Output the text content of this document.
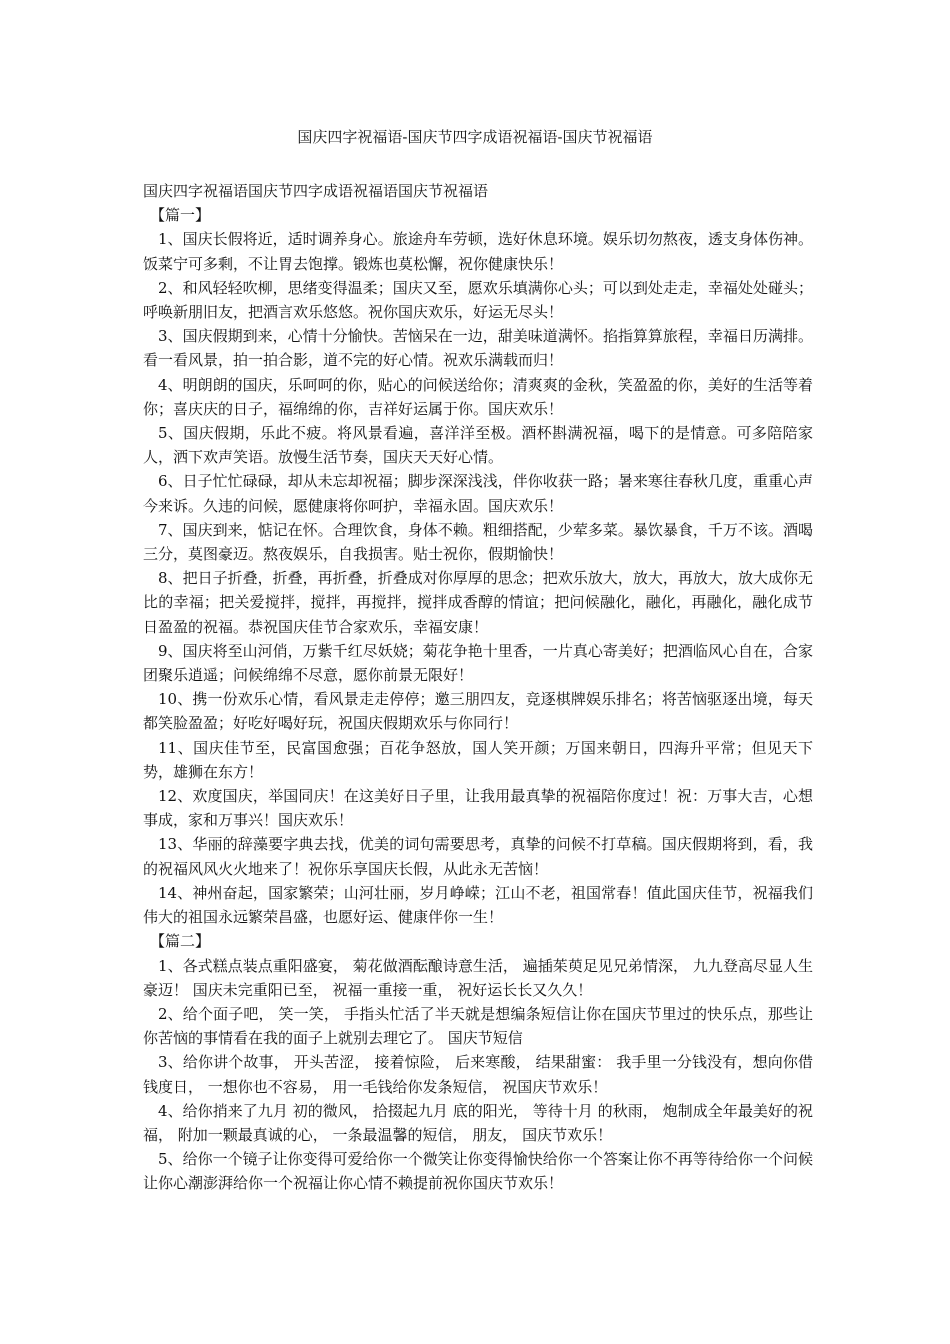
国庆四字祝福语-国庆节四字成语祝福语-国庆节祝福语

国庆四字祝福语国庆节四字成语祝福语国庆节祝福语

【篇一】

1、国庆长假将近，适时调养身心。旅途舟车劳顿，选好休息环境。娱乐切勿熬夜，透支身体伤神。饭菜宁可多剩，不让胃去饱撑。锻炼也莫松懈，祝你健康快乐！

2、和风轻轻吹柳，思绪变得温柔；国庆又至，愿欢乐填满你心头；可以到处走走，幸福处处碰头；呼唤新朋旧友，把酒言欢乐悠悠。祝你国庆欢乐，好运无尽头！

3、国庆假期到来，心情十分愉快。苦恼呆在一边，甜美味道满怀。掐指算算旅程，幸福日历满排。看一看风景，拍一拍合影，道不完的好心情。祝欢乐满载而归！

4、明朗朗的国庆，乐呵呵的你，贴心的问候送给你；清爽爽的金秋，笑盈盈的你，美好的生活等着你；喜庆庆的日子，福绵绵的你，吉祥好运属于你。国庆欢乐！

5、国庆假期，乐此不疲。将风景看遍，喜洋洋至极。酒杯斟满祝福，喝下的是情意。可多陪陪家人，洒下欢声笑语。放慢生活节奏，国庆天天好心情。

6、日子忙忙碌碌，却从未忘却祝福；脚步深深浅浅，伴你收获一路；暑来寒往春秋几度，重重心声今来诉。久违的问候，愿健康将你呵护，幸福永固。国庆欢乐！

7、国庆到来，惦记在怀。合理饮食，身体不赖。粗细搭配，少荤多菜。暴饮暴食，千万不该。酒喝三分，莫图豪迈。熬夜娱乐，自我损害。贴士祝你，假期愉快！

8、把日子折叠，折叠，再折叠，折叠成对你厚厚的思念；把欢乐放大，放大，再放大，放大成你无比的幸福；把关爱搅拌，搅拌，再搅拌，搅拌成香醇的情谊；把问候融化，融化，再融化，融化成节日盈盈的祝福。恭祝国庆佳节合家欢乐，幸福安康！

9、国庆将至山河俏，万紫千红尽妖娆；菊花争艳十里香，一片真心寄美好；把酒临风心自在，合家团聚乐逍遥；问候绵绵不尽意，愿你前景无限好！

10、携一份欢乐心情，看风景走走停停；邀三朋四友，竞逐棋牌娱乐排名；将苦恼驱逐出境，每天都笑脸盈盈；好吃好喝好玩，祝国庆假期欢乐与你同行！

11、国庆佳节至，民富国愈强；百花争怒放，国人笑开颜；万国来朝日，四海升平常；但见天下势，雄狮在东方！

12、欢度国庆，举国同庆！在这美好日子里，让我用最真挚的祝福陪你度过！祝：万事大吉，心想事成，家和万事兴！国庆欢乐！

13、华丽的辞藻要字典去找，优美的词句需要思考，真挚的问候不打草稿。国庆假期将到，看，我的祝福风风火火地来了！祝你乐享国庆长假，从此永无苦恼！

14、神州奋起，国家繁荣；山河壮丽，岁月峥嵘；江山不老，祖国常春！值此国庆佳节，祝福我们伟大的祖国永远繁荣昌盛，也愿好运、健康伴你一生！

【篇二】

1、各式糕点装点重阳盛宴， 菊花做酒酝酿诗意生活， 遍插茱萸足见兄弟情深， 九九登高尽显人生豪迈！ 国庆未完重阳已至， 祝福一重接一重， 祝好运长长又久久！

2、给个面子吧， 笑一笑， 手指头忙活了半天就是想编条短信让你在国庆节里过的快乐点，那些让你苦恼的事情看在我的面子上就别去理它了。 国庆节短信

3、给你讲个故事， 开头苦涩， 接着惊险， 后来寒酸， 结果甜蜜： 我手里一分钱没有，想向你借钱度日， 一想你也不容易， 用一毛钱给你发条短信， 祝国庆节欢乐！

4、给你捎来了九月 初的微风， 拾掇起九月 底的阳光， 等待十月 的秋雨， 炮制成全年最美好的祝福， 附加一颗最真诚的心， 一条最温馨的短信， 朋友， 国庆节欢乐！

5、给你一个镜子让你变得可爱给你一个微笑让你变得愉快给你一个答案让你不再等待给你一个问候让你心潮澎湃给你一个祝福让你心情不赖提前祝你国庆节欢乐！
